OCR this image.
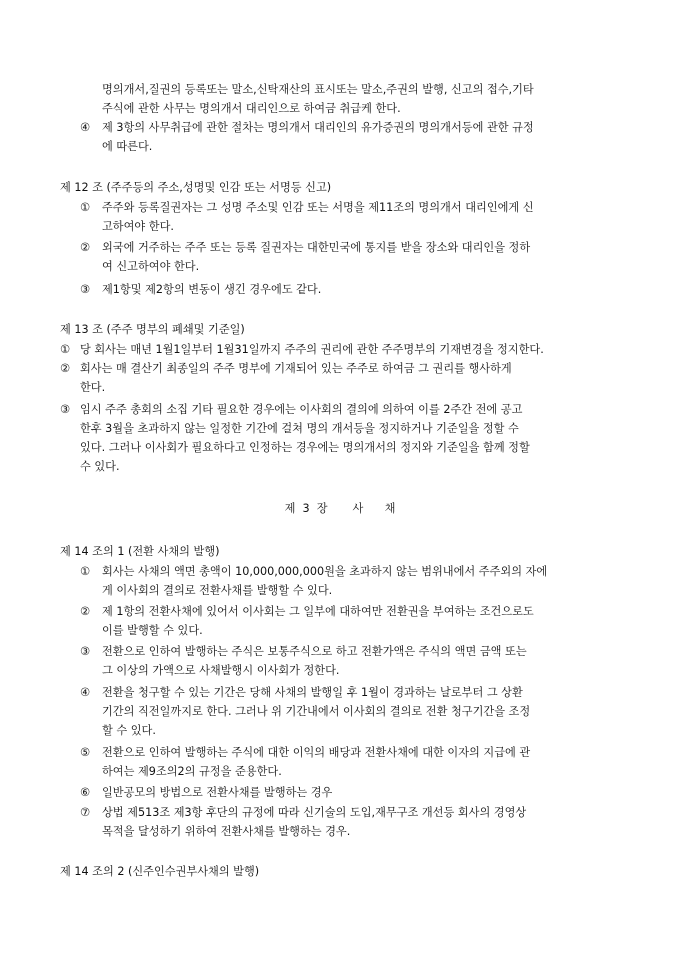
명의개서,질권의 등록또는 말소,신탁재산의 표시또는 말소,주권의 발행, 신고의 접수,기타
주식에 관한 사무는 명의개서 대리인으로 하여금 취급케 한다.
④	제 3항의 사무취급에 관한 절차는 명의개서 대리인의 유가증권의 명의개서등에 관한 규정
에 따른다.
제 12 조 (주주등의 주소,성명및 인감 또는 서명등 신고)
①	주주와 등록질권자는 그 성명 주소및 인감 또는 서명을 제11조의 명의개서 대리인에게 신
고하여야 한다.
②	외국에 거주하는 주주 또는 등록 질권자는 대한민국에 통지를 받을 장소와 대리인을 정하
여 신고하여야 한다.
③	제1항및 제2항의 변동이 생긴 경우에도 같다.
제 13 조 (주주 명부의 폐쇄및 기준일)
① 당 회사는 매년 1월1일부터 1월31일까지 주주의 권리에 관한 주주명부의 기재변경을 정지한다.
② 회사는 매 결산기 최종일의 주주 명부에 기재되어 있는 주주로 하여금 그 권리를 행사하게
한다.
③ 임시 주주 총회의 소집 기타 필요한 경우에는 이사회의 결의에 의하여 이를 2주간 전에 공고
한후 3월을 초과하지 않는 일정한 기간에 걸쳐 명의 개서등을 정지하거나 기준일을 정할 수
있다. 그러나 이사회가 필요하다고 인정하는 경우에는 명의개서의 정지와 기준일을 함께 정할
수 있다.
제  3  장       사      채
제 14 조의 1 (전환 사채의 발행)
①	회사는 사채의 액면 총액이 10,000,000,000원을 초과하지 않는 범위내에서 주주외의 자에
게 이사회의 결의로 전환사채를 발행할 수 있다.
②	제 1항의 전환사채에 있어서 이사회는 그 일부에 대하여만 전환권을 부여하는 조건으로도
이를 발행할 수 있다.
③	전환으로 인하여 발행하는 주식은 보통주식으로 하고 전환가액은 주식의 액면 금액 또는
그 이상의 가액으로 사채발행시 이사회가 정한다.
④	전환을 청구할 수 있는 기간은 당해 사채의 발행일 후 1월이 경과하는 날로부터 그 상환
기간의 직전일까지로 한다. 그러나 위 기간내에서 이사회의 결의로 전환 청구기간을 조정
할 수 있다.
⑤	전환으로 인하여 발행하는 주식에 대한 이익의 배당과 전환사채에 대한 이자의 지급에 관
하여는 제9조의2의 규정을 준용한다.
⑥	일반공모의 방법으로 전환사채를 발행하는 경우
⑦	상법 제513조 제3항 후단의 규정에 따라 신기술의 도입,재무구조 개선등 회사의 경영상
목적을 달성하기 위하여 전환사채를 발행하는 경우.
제 14 조의 2 (신주인수권부사채의 발행)
